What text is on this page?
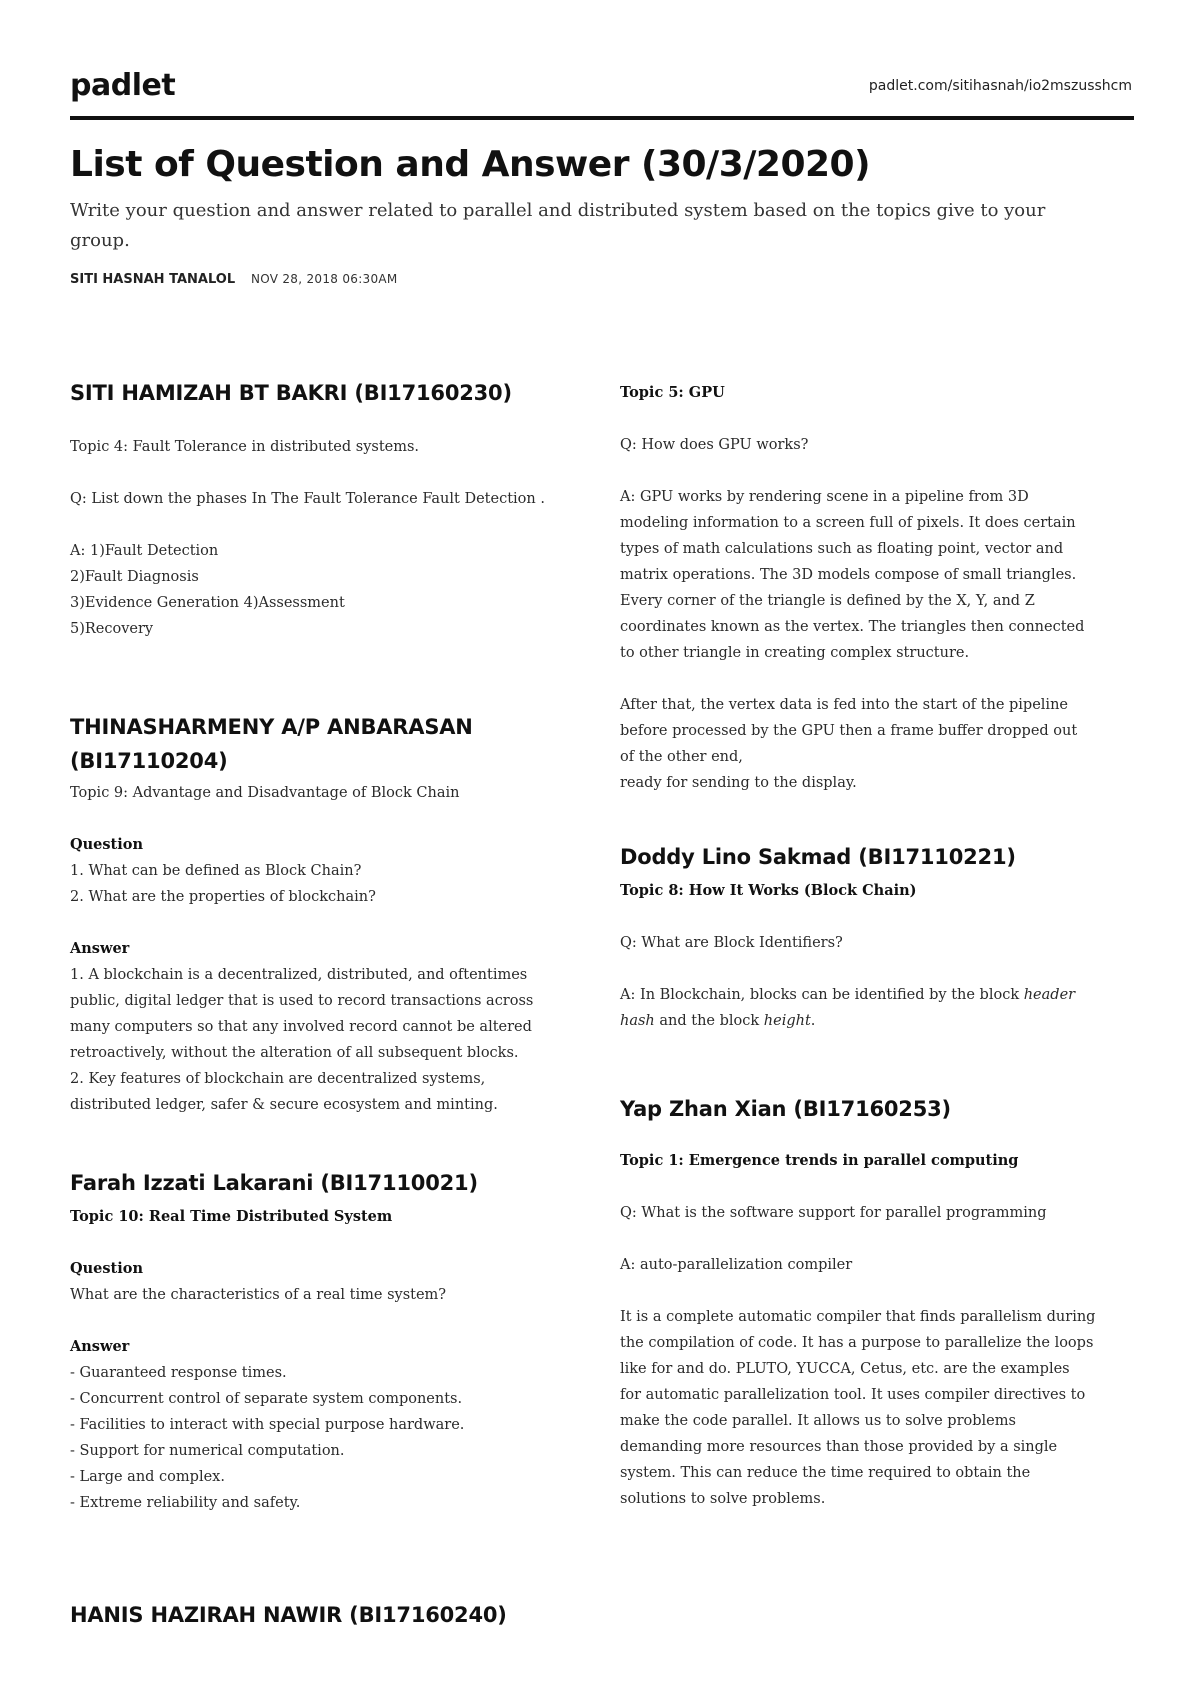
padlet	padlet.com/sitihasnah/io2mszusshcm
List of Question and Answer (30/3/2020)
Write your question and answer related to parallel and distributed system based on the topics give to your group.
SITI HASNAH TANALOL NOV 28, 2018 06:30AM
SITI HAMIZAH BT BAKRI (BI17160230)

Topic 4: Fault Tolerance in distributed systems.

Q: List down the phases In The Fault Tolerance Fault Detection .

A: 1)Fault Detection

2)Fault Diagnosis

3)Evidence Generation 4)Assessment

5)Recovery

THINASHARMENY A/P ANBARASAN
(BI17110204)

Topic 9: Advantage and Disadvantage of Block Chain

Question

1. What can be defined as Block Chain?

2. What are the properties of blockchain?

Answer

1. A blockchain is a decentralized, distributed, and oftentimes

public, digital ledger that is used to record transactions across

many computers so that any involved record cannot be altered

retroactively, without the alteration of all subsequent blocks.

2. Key features of blockchain are decentralized systems,

distributed ledger, safer & secure ecosystem and minting.

Farah Izzati Lakarani (BI17110021)

Topic 10: Real Time Distributed System

Question

What are the characteristics of a real time system?

Answer

- Guaranteed response times.

- Concurrent control of separate system components.

- Facilities to interact with special purpose hardware.

- Support for numerical computation.

- Large and complex.

- Extreme reliability and safety.

HANIS HAZIRAH NAWIR (BI17160240)

Topic 5: GPU

Q: How does GPU works?

A: GPU works by rendering scene in a pipeline from 3D

modeling information to a screen full of pixels. It does certain

types of math calculations such as floating point, vector and

matrix operations. The 3D models compose of small triangles.

Every corner of the triangle is defined by the X, Y, and Z

coordinates known as the vertex. The triangles then connected

to other triangle in creating complex structure.

After that, the vertex data is fed into the start of the pipeline

before processed by the GPU then a frame buffer dropped out

of the other end,

ready for sending to the display.

Doddy Lino Sakmad (BI17110221)

Topic 8: How It Works (Block Chain)

Q: What are Block Identifiers?

A: In Blockchain, blocks can be identified by the block header

hash and the block height.

Yap Zhan Xian (BI17160253)

Topic 1: Emergence trends in parallel computing

Q: What is the software support for parallel programming

A: auto-parallelization compiler

It is a complete automatic compiler that finds parallelism during

the compilation of code. It has a purpose to parallelize the loops

like for and do. PLUTO, YUCCA, Cetus, etc. are the examples

for automatic parallelization tool. It uses compiler directives to

make the code parallel. It allows us to solve problems

demanding more resources than those provided by a single

system. This can reduce the time required to obtain the

solutions to solve problems.
